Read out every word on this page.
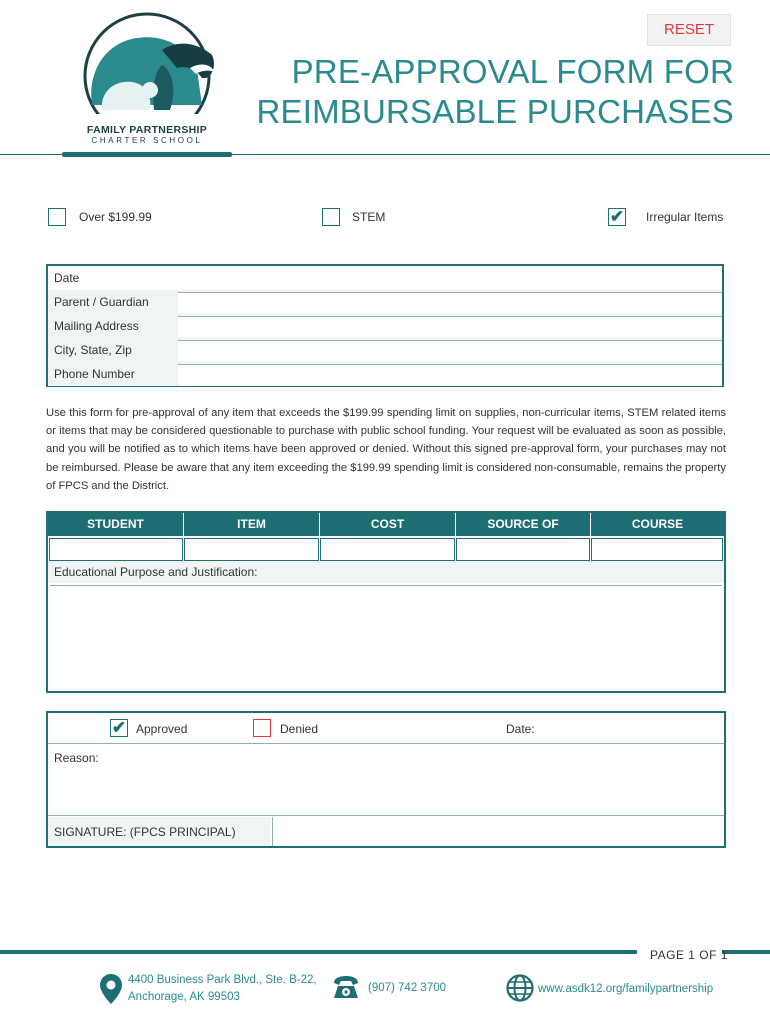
FAMILY PARTNERSHIP
CHARTER SCHOOL
RESET
PRE-APPROVAL FORM FOR
REIMBURSABLE PURCHASES
Over $199.99	STEM	✔ Irregular Items
Date
Parent / Guardian
Mailing Address
City, State, Zip
Phone Number
Use this form for pre-approval of any item that exceeds the $199.99 spending limit on supplies, non-curricular items, STEM related items or items that may be considered questionable to purchase with public school funding. Your request will be evaluated as soon as possible, and you will be notified as to which items have been approved or denied. Without this signed pre-approval form, your purchases may not be reimbursed. Please be aware that any item exceeding the $199.99 spending limit is considered non-consumable, remains the property of FPCS and the District.
STUDENT	ITEM	COST	SOURCE OF	COURSE
Educational Purpose and Justification:
✔ Approved	Denied	Date:
Reason:
SIGNATURE: (FPCS PRINCIPAL)
PAGE 1 OF 1
4400 Business Park Blvd., Ste. B-22,
Anchorage, AK 99503
(907) 742 3700	www.asdk12.org/familypartnership
